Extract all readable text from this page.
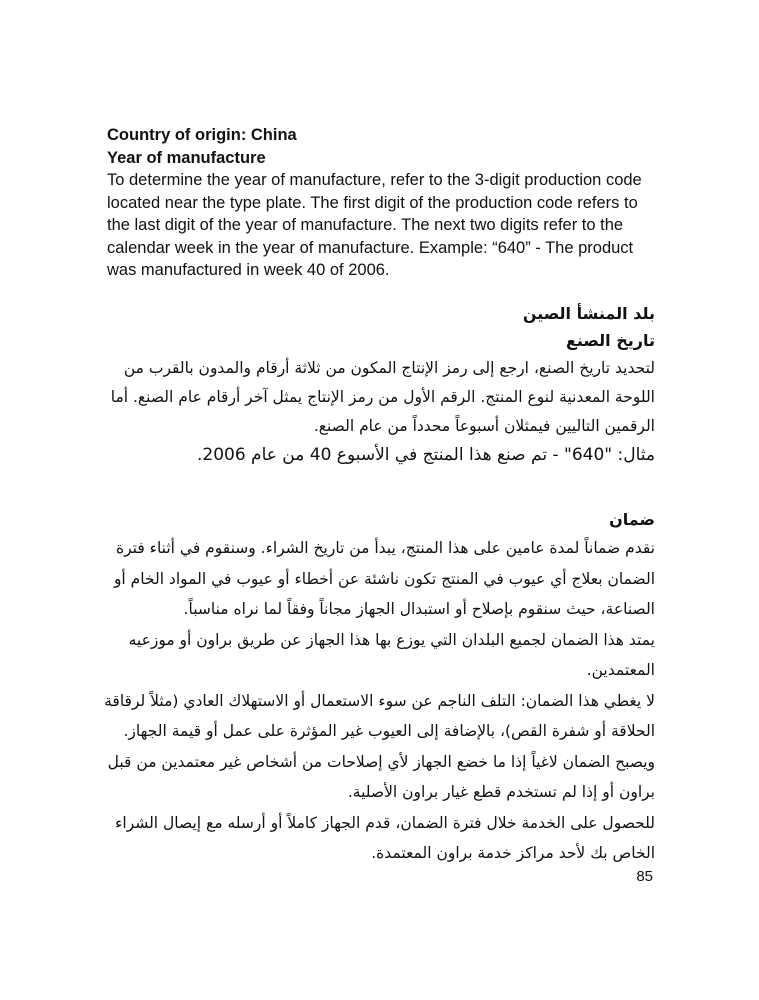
Country of origin: China
Year of manufacture

To determine the year of manufacture, refer to the 3-digit production code located near the type plate. The first digit of the production code refers to the last digit of the year of manufacture. The next two digits refer to the calendar week in the year of manufacture. Example: “640” - The product was manufactured in week 40 of 2006.

بلد المنشأ الصين
تاريخ الصنع

لتحديد تاريخ الصنع، ارجع إلى رمز الإنتاج المكون من ثلاثة أرقام والمدون بالقرب من اللوحة المعدنية لنوع المنتج. الرقم الأول من رمز الإنتاج يمثل آخر أرقام عام الصنع. أما الرقمين التاليين فيمثلان أسبوعاً محدداً من عام الصنع.

مثال: "640" - تم صنع هذا المنتج في الأسبوع 40 من عام 2006.

ضمان

نقدم ضماناً لمدة عامين على هذا المنتج، يبدأ من تاريخ الشراء. وسنقوم في أثناء فترة الضمان بعلاج أي عيوب في المنتج تكون ناشئة عن أخطاء أو عيوب في المواد الخام أو الصناعة، حيث سنقوم بإصلاح أو استبدال الجهاز مجاناً وفقاً لما نراه مناسباً.

يمتد هذا الضمان لجميع البلدان التي يوزع بها هذا الجهاز عن طريق براون أو موزعيه المعتمدين.

لا يغطي هذا الضمان: التلف الناجم عن سوء الاستعمال أو الاستهلاك العادي (مثلاً لرقاقة الحلاقة أو شفرة القص)، بالإضافة إلى العيوب غير المؤثرة على عمل أو قيمة الجهاز. ويصبح الضمان لاغياً إذا ما خضع الجهاز لأي إصلاحات من أشخاص غير معتمدين من قبل براون أو إذا لم تستخدم قطع غيار براون الأصلية.

للحصول على الخدمة خلال فترة الضمان، قدم الجهاز كاملاً أو أرسله مع إيصال الشراء الخاص بك لأحد مراكز خدمة براون المعتمدة.

85
